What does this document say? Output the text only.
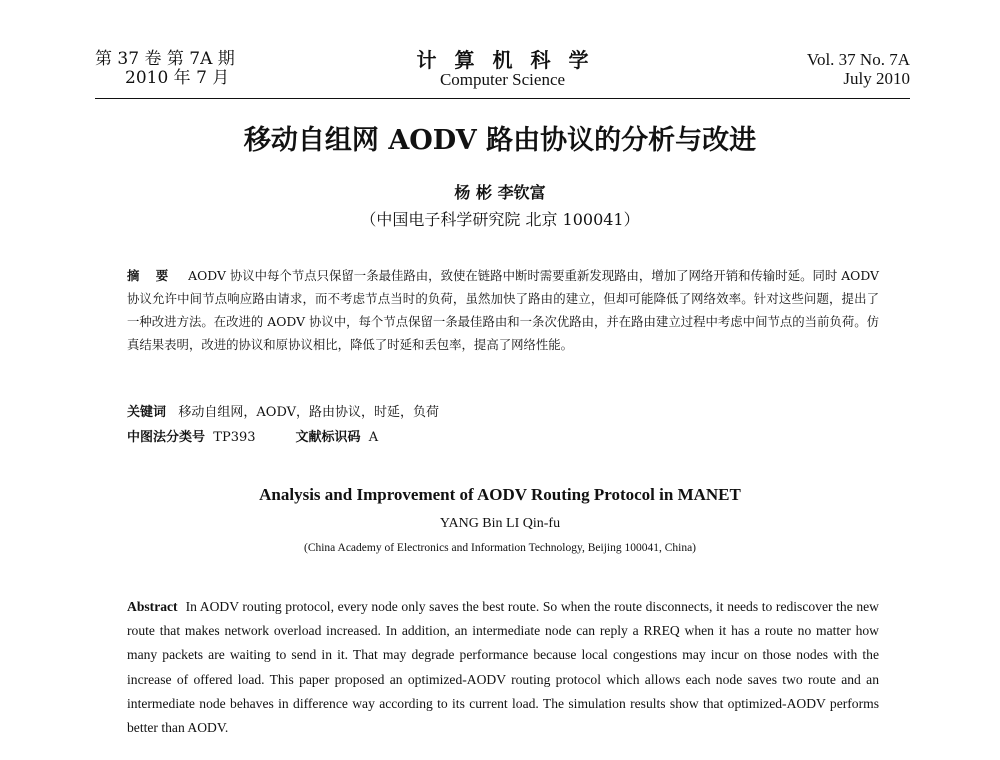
第 37 卷 第 7A 期
2010 年 7 月
计算机科学
Computer Science
Vol. 37 No. 7A
July 2010
移动自组网 AODV 路由协议的分析与改进
杨 彬 李钦富
（中国电子科学研究院 北京 100041）
摘 要 AODV 协议中每个节点只保留一条最佳路由，致使在链路中断时需要重新发现路由，增加了网络开销和传输时延。同时 AODV 协议允许中间节点响应路由请求，而不考虑节点当时的负荷，虽然加快了路由的建立，但却可能降低了网络效率。针对这些问题，提出了一种改进方法。在改进的 AODV 协议中，每个节点保留一条最佳路由和一条次优路由，并在路由建立过程中考虑中间节点的当前负荷。仿真结果表明，改进的协议和原协议相比，降低了时延和丢包率，提高了网络性能。
关键词 移动自组网，AODV，路由协议，时延，负荷
中图法分类号 TP393	文献标识码 A
Analysis and Improvement of AODV Routing Protocol in MANET
YANG Bin LI Qin-fu
(China Academy of Electronics and Information Technology, Beijing 100041, China)
Abstract In AODV routing protocol, every node only saves the best route. So when the route disconnects, it needs to rediscover the new route that makes network overload increased. In addition, an intermediate node can reply a RREQ when it has a route no matter how many packets are waiting to send in it. That may degrade performance because local congestions may incur on those nodes with the increase of offered load. This paper proposed an optimized-AODV routing protocol which allows each node saves two route and an intermediate node behaves in difference way according to its current load. The simulation results show that optimized-AODV performs better than AODV.
